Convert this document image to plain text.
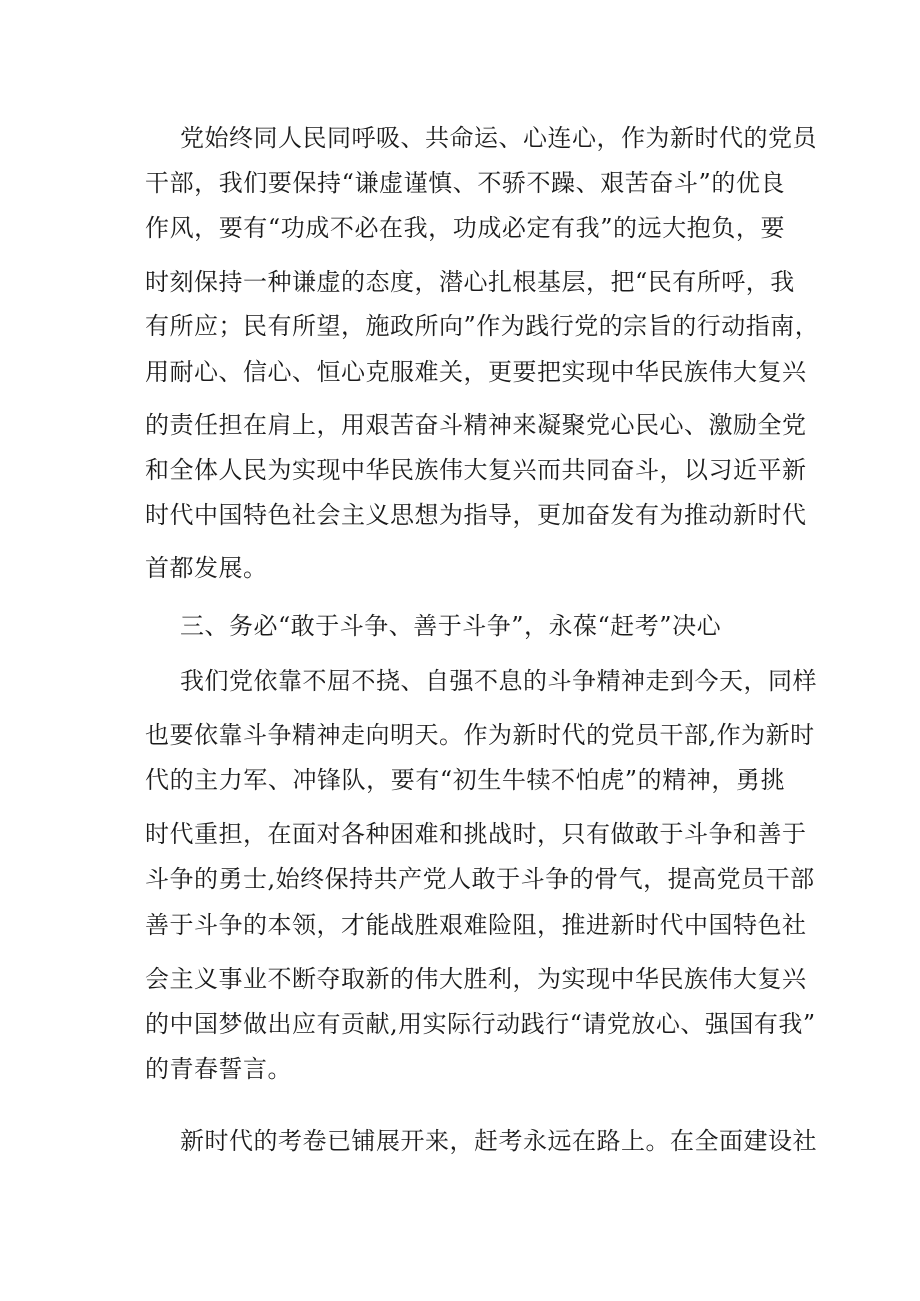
党始终同人民同呼吸、共命运、心连心，作为新时代的党员
干部，我们要保持“谦虚谨慎、不骄不躁、艰苦奋斗”的优良
作风，要有“功成不必在我，功成必定有我”的远大抱负，要
时刻保持一种谦虚的态度，潜心扎根基层，把“民有所呼，我
有所应；民有所望，施政所向”作为践行党的宗旨的行动指南，
用耐心、信心、恒心克服难关，更要把实现中华民族伟大复兴
的责任担在肩上，用艰苦奋斗精神来凝聚党心民心、激励全党
和全体人民为实现中华民族伟大复兴而共同奋斗，以习近平新
时代中国特色社会主义思想为指导，更加奋发有为推动新时代
首都发展。
三、务必“敢于斗争、善于斗争”，永葆“赶考”决心
我们党依靠不屈不挠、自强不息的斗争精神走到今天，同样
也要依靠斗争精神走向明天。作为新时代的党员干部,作为新时
代的主力军、冲锋队，要有“初生牛犊不怕虎”的精神，勇挑
时代重担，在面对各种困难和挑战时，只有做敢于斗争和善于
斗争的勇士,始终保持共产党人敢于斗争的骨气，提高党员干部
善于斗争的本领，才能战胜艰难险阻，推进新时代中国特色社
会主义事业不断夺取新的伟大胜利，为实现中华民族伟大复兴
的中国梦做出应有贡献,用实际行动践行“请党放心、强国有我”
的青春誓言。
新时代的考卷已铺展开来，赶考永远在路上。在全面建设社
